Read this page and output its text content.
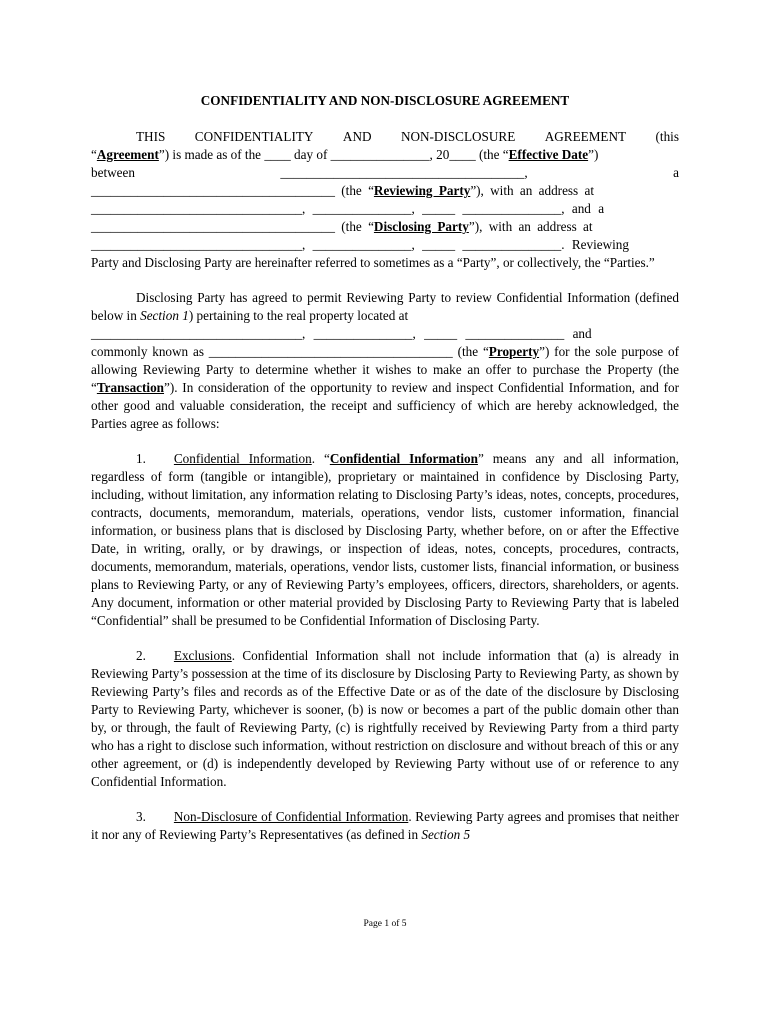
CONFIDENTIALITY AND NON-DISCLOSURE AGREEMENT
THIS CONFIDENTIALITY AND NON-DISCLOSURE AGREEMENT (this
“Agreement”) is made as of the ____ day of _______________, 20____ (the “Effective Date”)
between	_____________________________________,	a
_____________________________________ (the “Reviewing Party”), with an address at
________________________________, _______________, _____ _______________, and a
_____________________________________ (the “Disclosing Party”), with an address at
________________________________, _______________, _____ _______________. Reviewing

Party and Disclosing Party are hereinafter referred to sometimes as a “Party”, or collectively, the “Parties.”

Disclosing Party has agreed to permit Reviewing Party to review Confidential Information (defined below in Section 1) pertaining to the real property located at
________________________________, _______________, _____ _______________ and
commonly known as _____________________________________ (the “Property”) for the sole purpose of allowing Reviewing Party to determine whether it wishes to make an offer to purchase the Property (the “Transaction”). In consideration of the opportunity to review and inspect Confidential Information, and for other good and valuable consideration, the receipt and sufficiency of which are hereby acknowledged, the Parties agree as follows:

1. Confidential Information. “Confidential Information” means any and all information, regardless of form (tangible or intangible), proprietary or maintained in confidence by Disclosing Party, including, without limitation, any information relating to Disclosing Party’s ideas, notes, concepts, procedures, contracts, documents, memorandum, materials, operations, vendor lists, customer information, financial information, or business plans that is disclosed by Disclosing Party, whether before, on or after the Effective Date, in writing, orally, or by drawings, or inspection of ideas, notes, concepts, procedures, contracts, documents, memorandum, materials, operations, vendor lists, customer lists, financial information, or business plans to Reviewing Party, or any of Reviewing Party’s employees, officers, directors, shareholders, or agents. Any document, information or other material provided by Disclosing Party to Reviewing Party that is labeled “Confidential” shall be presumed to be Confidential Information of Disclosing Party.

2. Exclusions. Confidential Information shall not include information that (a) is already in Reviewing Party’s possession at the time of its disclosure by Disclosing Party to Reviewing Party, as shown by Reviewing Party’s files and records as of the Effective Date or as of the date of the disclosure by Disclosing Party to Reviewing Party, whichever is sooner, (b) is now or becomes a part of the public domain other than by, or through, the fault of Reviewing Party, (c) is rightfully received by Reviewing Party from a third party who has a right to disclose such information, without restriction on disclosure and without breach of this or any other agreement, or (d) is independently developed by Reviewing Party without use of or reference to any Confidential Information.

3. Non-Disclosure of Confidential Information. Reviewing Party agrees and promises that neither it nor any of Reviewing Party’s Representatives (as defined in Section 5

Page 1 of 5
